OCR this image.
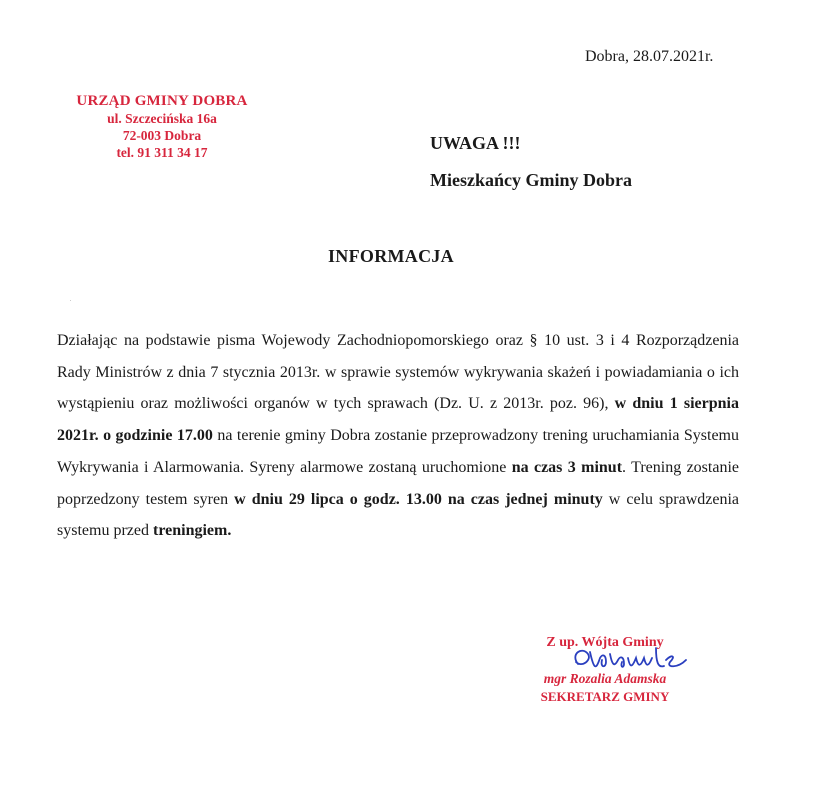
Dobra, 28.07.2021r.
URZĄD GMINY DOBRA
ul. Szczecińska 16a
72-003 Dobra
tel. 91 311 34 17	UWAGA !!!
Mieszkańcy Gminy Dobra
INFORMACJA
Działając na podstawie pisma Wojewody Zachodniopomorskiego oraz § 10 ust. 3 i 4 Rozporządzenia Rady Ministrów z dnia 7 stycznia 2013r. w sprawie systemów wykrywania skażeń i powiadamiania o ich wystąpieniu oraz możliwości organów w tych sprawach (Dz. U. z 2013r. poz. 96), w dniu 1 sierpnia 2021r. o godzinie 17.00 na terenie gminy Dobra zostanie przeprowadzony trening uruchamiania Systemu Wykrywania i Alarmowania. Syreny alarmowe zostaną uruchomione na czas 3 minut. Trening zostanie poprzedzony testem syren w dniu 29 lipca o godz. 13.00 na czas jednej minuty w celu sprawdzenia systemu przed treningiem.
Z up. Wójta Gminy
mgr Rozalia Adamska
SEKRETARZ GMINY
